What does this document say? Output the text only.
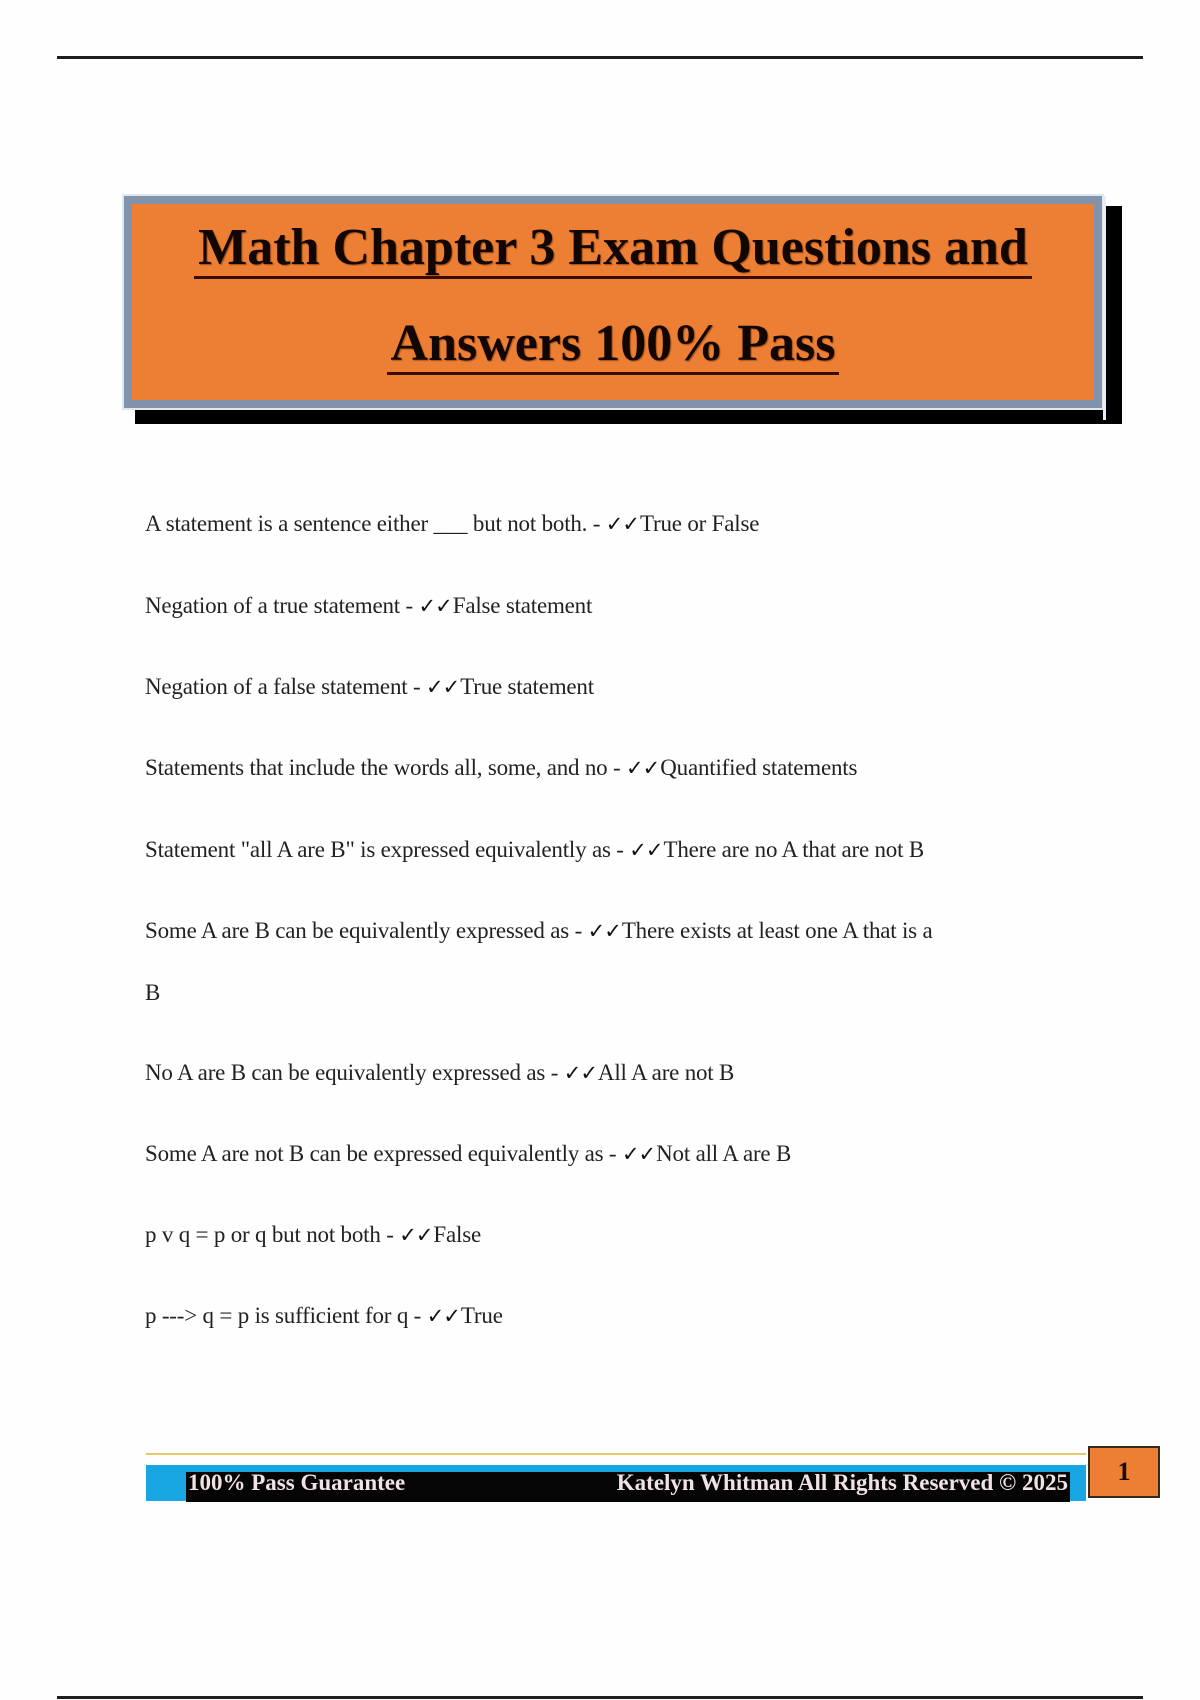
Math Chapter 3 Exam Questions and
Answers 100% Pass
A statement is a sentence either ___ but not both. - ✓✓True or False
Negation of a true statement - ✓✓False statement
Negation of a false statement - ✓✓True statement
Statements that include the words all, some, and no - ✓✓Quantified statements
Statement "all A are B" is expressed equivalently as - ✓✓There are no A that are not B
Some A are B can be equivalently expressed as - ✓✓There exists at least one A that is a
B
No A are B can be equivalently expressed as - ✓✓All A are not B
Some A are not B can be expressed equivalently as - ✓✓Not all A are B
p v q = p or q but not both - ✓✓False
p ---> q = p is sufficient for q - ✓✓True
100% Pass Guarantee	Katelyn Whitman All Rights Reserved © 2025	1
